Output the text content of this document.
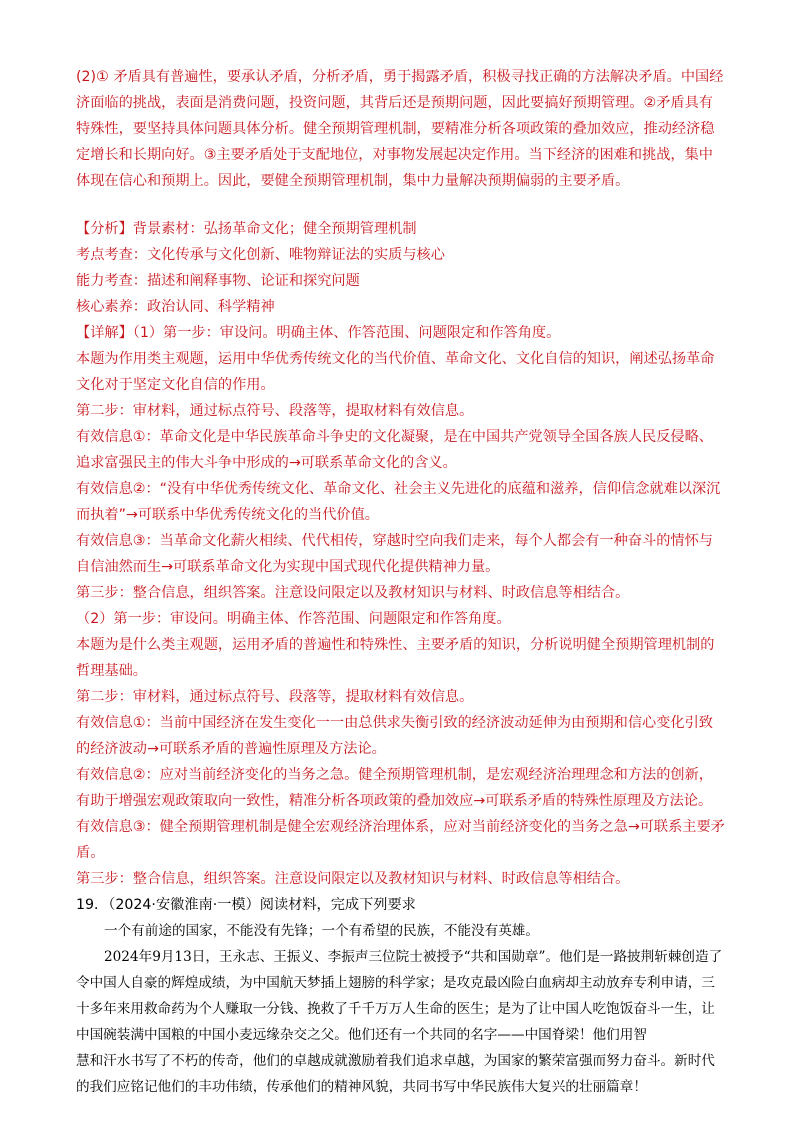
(2)① 矛盾具有普遍性，要承认矛盾，分析矛盾，勇于揭露矛盾，积极寻找正确的方法解决矛盾。中国经济面临的挑战，表面是消费问题，投资问题，其背后还是预期问题，因此要搞好预期管理。②矛盾具有特殊性，要坚持具体问题具体分析。健全预期管理机制，要精准分析各项政策的叠加效应，推动经济稳定增长和长期向好。③主要矛盾处于支配地位，对事物发展起决定作用。当下经济的困难和挑战，集中体现在信心和预期上。因此，要健全预期管理机制，集中力量解决预期偏弱的主要矛盾。

【分析】背景素材：弘扬革命文化；健全预期管理机制

考点考查：文化传承与文化创新、唯物辩证法的实质与核心

能力考查：描述和阐释事物、论证和探究问题

核心素养：政治认同、科学精神

【详解】（1）第一步：审设问。明确主体、作答范围、问题限定和作答角度。

本题为作用类主观题，运用中华优秀传统文化的当代价值、革命文化、文化自信的知识，阐述弘扬革命文化对于坚定文化自信的作用。

第二步：审材料，通过标点符号、段落等，提取材料有效信息。

有效信息①：革命文化是中华民族革命斗争史的文化凝聚，是在中国共产党领导全国各族人民反侵略、追求富强民主的伟大斗争中形成的→可联系革命文化的含义。

有效信息②：“没有中华优秀传统文化、革命文化、社会主义先进化的底蕴和滋养，信仰信念就难以深沉而执着”→可联系中华优秀传统文化的当代价值。

有效信息③：当革命文化薪火相续、代代相传，穿越时空向我们走来，每个人都会有一种奋斗的情怀与自信油然而生→可联系革命文化为实现中国式现代化提供精神力量。

第三步：整合信息，组织答案。注意设问限定以及教材知识与材料、时政信息等相结合。

（2）第一步：审设问。明确主体、作答范围、问题限定和作答角度。

本题为是什么类主观题，运用矛盾的普遍性和特殊性、主要矛盾的知识，分析说明健全预期管理机制的哲理基础。

第二步：审材料，通过标点符号、段落等，提取材料有效信息。

有效信息①：当前中国经济在发生变化一一由总供求失衡引致的经济波动延伸为由预期和信心变化引致的经济波动→可联系矛盾的普遍性原理及方法论。

有效信息②：应对当前经济变化的当务之急。健全预期管理机制，是宏观经济治理理念和方法的创新，有助于增强宏观政策取向一致性，精准分析各项政策的叠加效应→可联系矛盾的特殊性原理及方法论。

有效信息③：健全预期管理机制是健全宏观经济治理体系，应对当前经济变化的当务之急→可联系主要矛盾。

第三步：整合信息，组织答案。注意设问限定以及教材知识与材料、时政信息等相结合。

19．（2024·安徽淮南·一模）阅读材料，完成下列要求

一个有前途的国家，不能没有先锋；一个有希望的民族，不能没有英雄。

2024年9月13日，王永志、王振义、李振声三位院士被授予“共和国勋章”。他们是一路披荆斩棘创造了令中国人自豪的辉煌成绩，为中国航天梦插上翅膀的科学家；是攻克最凶险白血病却主动放弃专利申请，三十多年来用救命药为个人赚取一分钱、挽救了千千万万人生命的医生；是为了让中国人吃饱饭奋斗一生，让中国碗装满中国粮的中国小麦远缘杂交之父。他们还有一个共同的名字——中国脊梁！他们用智

慧和汗水书写了不朽的传奇，他们的卓越成就激励着我们追求卓越，为国家的繁荣富强而努力奋斗。新时代的我们应铭记他们的丰功伟绩，传承他们的精神风貌，共同书写中华民族伟大复兴的壮丽篇章！
